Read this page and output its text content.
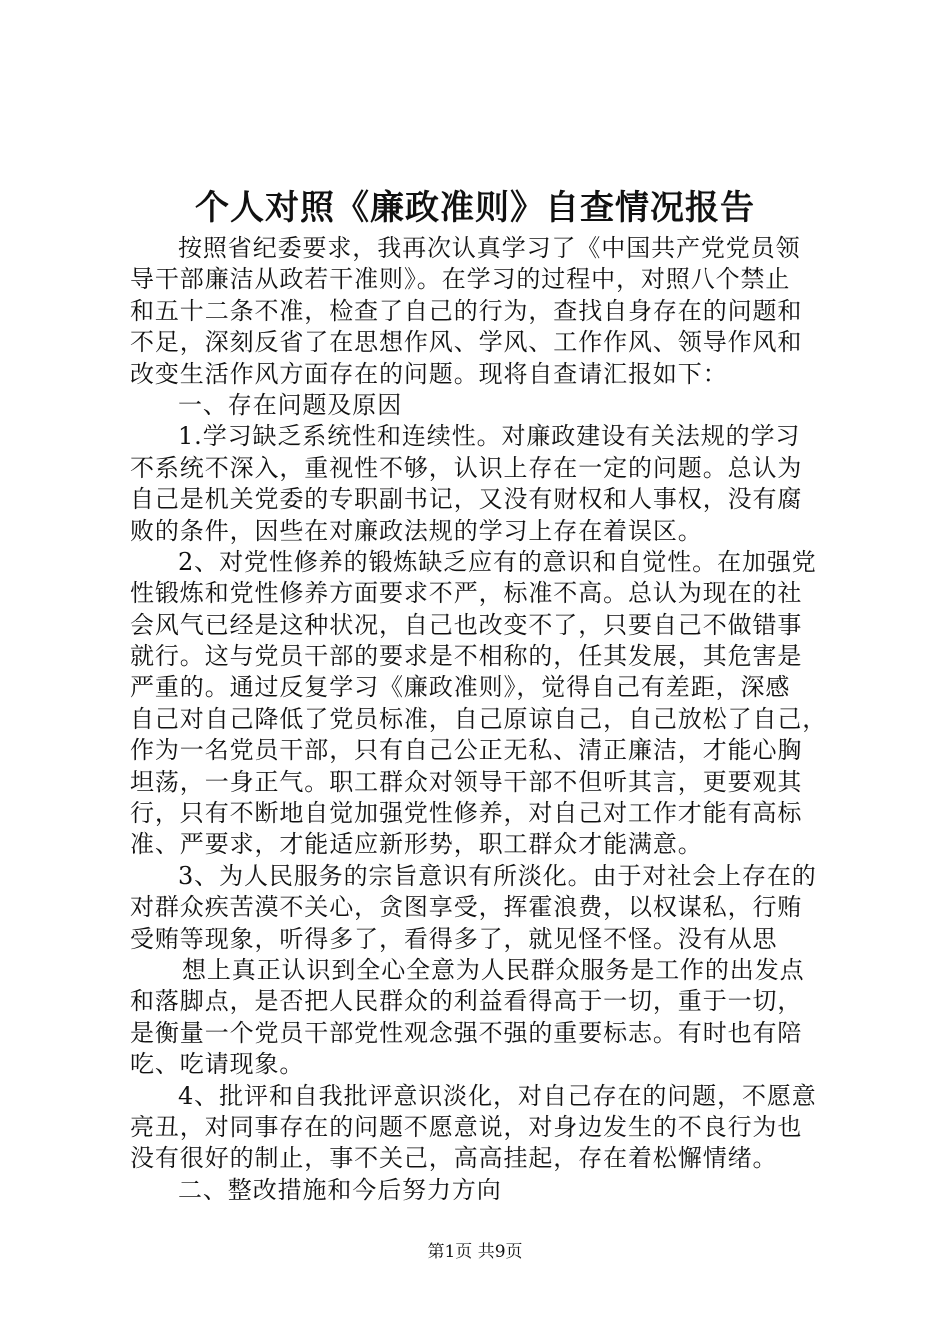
个人对照《廉政准则》自查情况报告
按照省纪委要求，我再次认真学习了《中国共产党党员领
导干部廉洁从政若干准则》。在学习的过程中，对照八个禁止
和五十二条不准，检查了自己的行为，查找自身存在的问题和
不足，深刻反省了在思想作风、学风、工作作风、领导作风和
改变生活作风方面存在的问题。现将自查请汇报如下：
一、存在问题及原因
1.学习缺乏系统性和连续性。对廉政建设有关法规的学习
不系统不深入，重视性不够，认识上存在一定的问题。总认为
自己是机关党委的专职副书记，又没有财权和人事权，没有腐
败的条件，因些在对廉政法规的学习上存在着误区。
2、对党性修养的锻炼缺乏应有的意识和自觉性。在加强党
性锻炼和党性修养方面要求不严，标准不高。总认为现在的社
会风气已经是这种状况，自己也改变不了，只要自己不做错事
就行。这与党员干部的要求是不相称的，任其发展，其危害是
严重的。通过反复学习《廉政准则》，觉得自己有差距，深感
自己对自己降低了党员标准，自己原谅自己，自己放松了自己，
作为一名党员干部，只有自己公正无私、清正廉洁，才能心胸
坦荡，一身正气。职工群众对领导干部不但听其言，更要观其
行，只有不断地自觉加强党性修养，对自己对工作才能有高标
准、严要求，才能适应新形势，职工群众才能满意。
3、为人民服务的宗旨意识有所淡化。由于对社会上存在的
对群众疾苦漠不关心，贪图享受，挥霍浪费，以权谋私，行贿
受贿等现象，听得多了，看得多了，就见怪不怪。没有从思
想上真正认识到全心全意为人民群众服务是工作的出发点
和落脚点，是否把人民群众的利益看得高于一切，重于一切，
是衡量一个党员干部党性观念强不强的重要标志。有时也有陪
吃、吃请现象。
4、批评和自我批评意识淡化，对自己存在的问题，不愿意
亮丑，对同事存在的问题不愿意说，对身边发生的不良行为也
没有很好的制止，事不关己，高高挂起，存在着松懈情绪。
二、整改措施和今后努力方向
第1页 共9页
